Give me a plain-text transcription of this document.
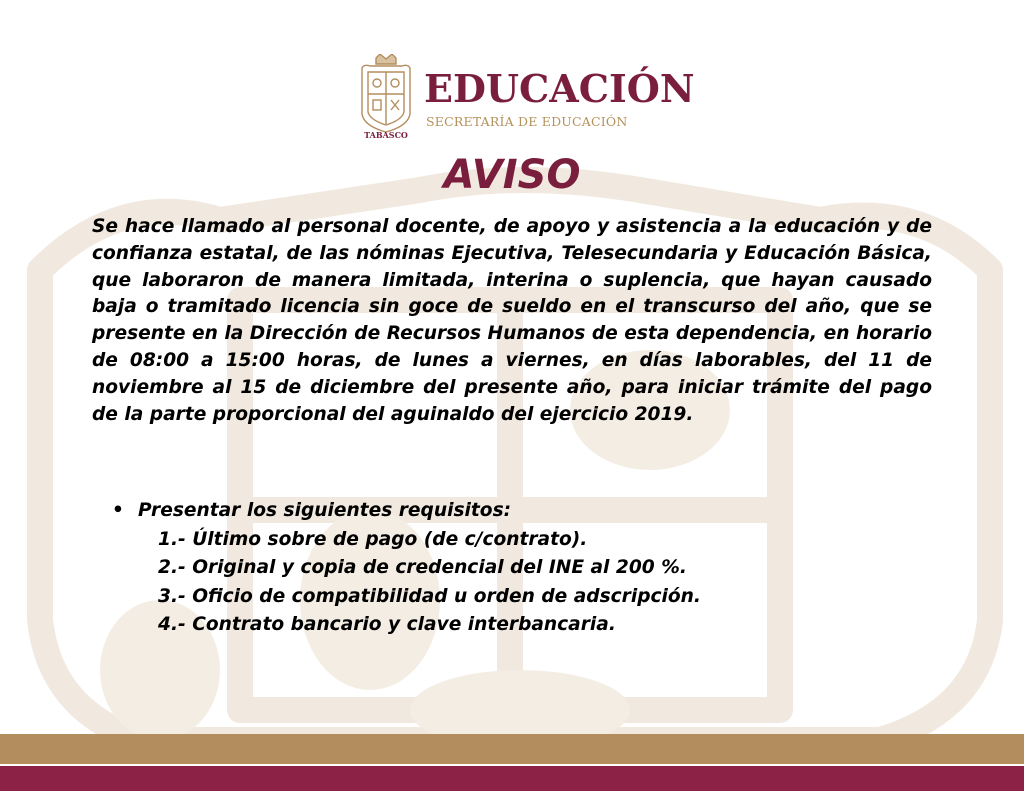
TABASCO
EDUCACIÓN
SECRETARÍA DE EDUCACIÓN
AVISO
Se hace llamado al personal docente, de apoyo y asistencia a la educación y de confianza estatal, de las nóminas Ejecutiva, Telesecundaria y Educación Básica, que laboraron de manera limitada, interina o suplencia, que hayan causado baja o tramitado licencia sin goce de sueldo en el transcurso del año, que se presente en la Dirección de Recursos Humanos de esta dependencia, en horario de 08:00 a 15:00 horas, de lunes a viernes, en días laborables, del 11 de noviembre al 15 de diciembre del presente año, para iniciar trámite del pago de la parte proporcional del aguinaldo del ejercicio 2019.
• Presentar los siguientes requisitos:
1.- Último sobre de pago (de c/contrato).
2.- Original y copia de credencial del INE al 200 %.
3.- Oficio de compatibilidad u orden de adscripción.
4.- Contrato bancario y clave interbancaria.
